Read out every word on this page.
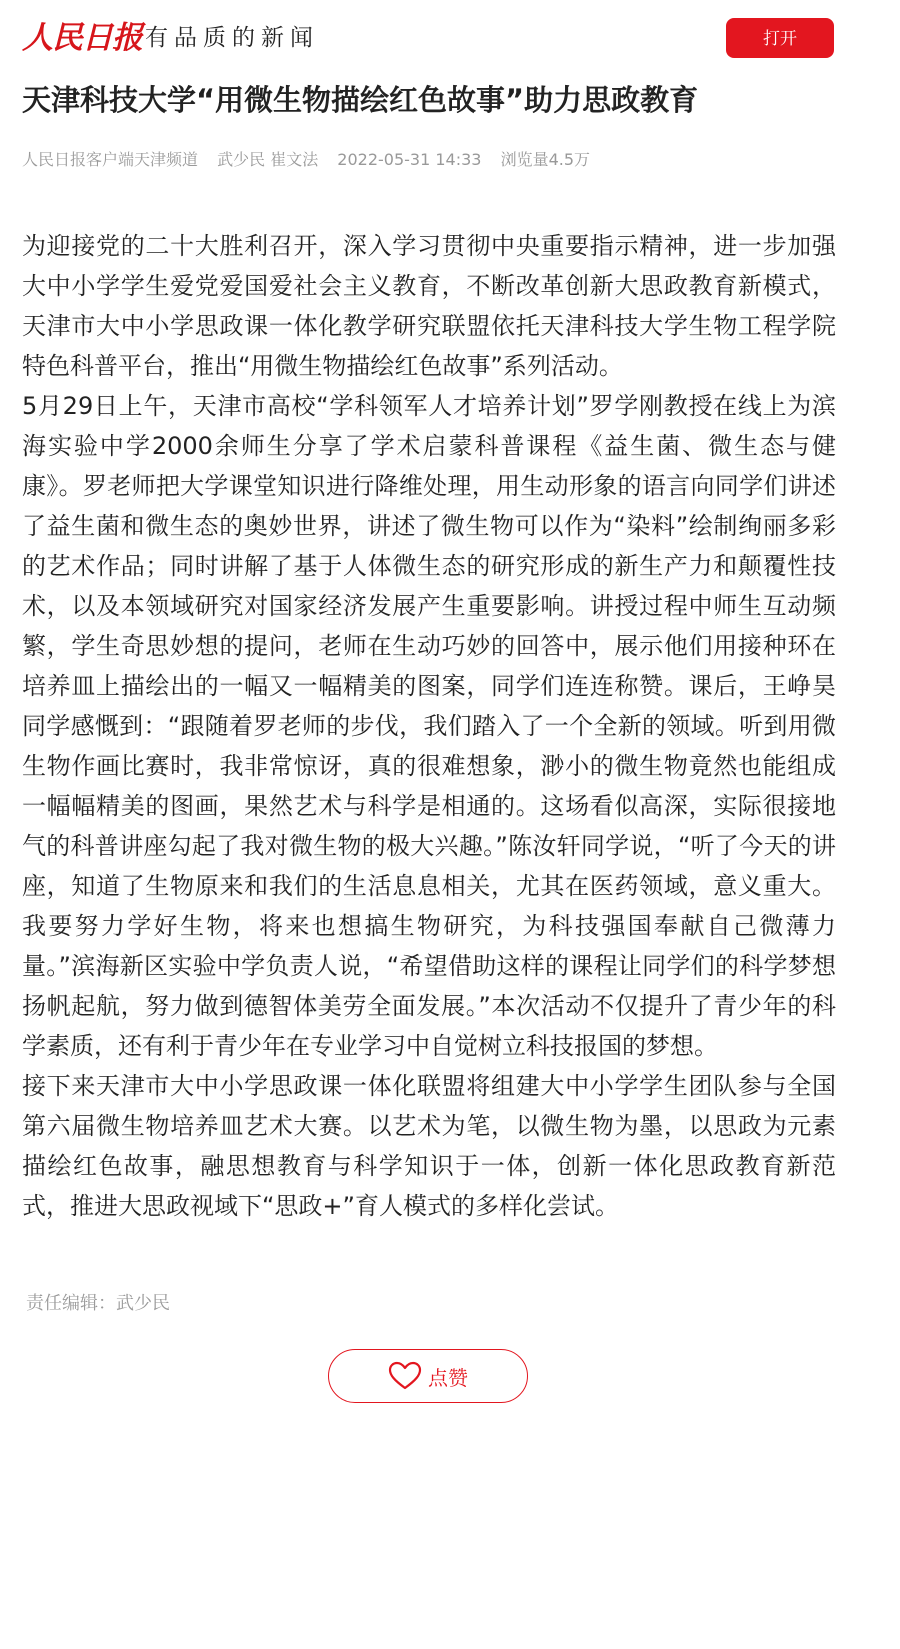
人民日报 有品质的新闻	打开
天津科技大学“用微生物描绘红色故事”助力思政教育
人民日报客户端天津频道 武少民 崔文法 2022-05-31 14:33 浏览量4.5万

为迎接党的二十大胜利召开，深入学习贯彻中央重要指示精神，进一步加强大中小学学生爱党爱国爱社会主义教育，不断改革创新大思政教育新模式，天津市大中小学思政课一体化教学研究联盟依托天津科技大学生物工程学院特色科普平台，推出“用微生物描绘红色故事”系列活动。

5月29日上午，天津市高校“学科领军人才培养计划”罗学刚教授在线上为滨海实验中学2000余师生分享了学术启蒙科普课程《益生菌、微生态与健康》。罗老师把大学课堂知识进行降维处理，用生动形象的语言向同学们讲述了益生菌和微生态的奥妙世界，讲述了微生物可以作为“染料”绘制绚丽多彩的艺术作品；同时讲解了基于人体微生态的研究形成的新生产力和颠覆性技术，以及本领域研究对国家经济发展产生重要影响。讲授过程中师生互动频繁，学生奇思妙想的提问，老师在生动巧妙的回答中，展示他们用接种环在培养皿上描绘出的一幅又一幅精美的图案，同学们连连称赞。课后，王峥昊同学感慨到：“跟随着罗老师的步伐，我们踏入了一个全新的领域。听到用微生物作画比赛时，我非常惊讶，真的很难想象，渺小的微生物竟然也能组成一幅幅精美的图画，果然艺术与科学是相通的。这场看似高深，实际很接地气的科普讲座勾起了我对微生物的极大兴趣。”陈汝轩同学说，“听了今天的讲座，知道了生物原来和我们的生活息息相关，尤其在医药领域，意义重大。我要努力学好生物，将来也想搞生物研究，为科技强国奉献自己微薄力量。”滨海新区实验中学负责人说，“希望借助这样的课程让同学们的科学梦想扬帆起航，努力做到德智体美劳全面发展。”本次活动不仅提升了青少年的科学素质，还有利于青少年在专业学习中自觉树立科技报国的梦想。

接下来天津市大中小学思政课一体化联盟将组建大中小学学生团队参与全国第六届微生物培养皿艺术大赛。以艺术为笔，以微生物为墨，以思政为元素描绘红色故事，融思想教育与科学知识于一体，创新一体化思政教育新范式，推进大思政视域下“思政+”育人模式的多样化尝试。

责任编辑：武少民
点赞
